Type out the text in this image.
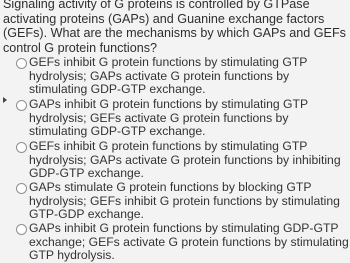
Signaling activity of G proteins is controlled by GTPase activating proteins (GAPs) and Guanine exchange factors (GEFs). What are the mechanisms by which GAPs and GEFs control G protein functions?

GEFs inhibit G protein functions by stimulating GTP hydrolysis; GAPs activate G protein functions by stimulating GDP-GTP exchange.
GAPs inhibit G protein functions by stimulating GTP hydrolysis; GEFs activate G protein functions by stimulating GDP-GTP exchange.
GEFs inhibit G protein functions by stimulating GTP hydrolysis; GAPs activate G protein functions by inhibiting GDP-GTP exchange.
GAPs stimulate G protein functions by blocking GTP hydrolysis; GEFs inhibit G protein functions by stimulating GTP-GDP exchange.
GAPs inhibit G protein functions by stimulating GDP-GTP exchange; GEFs activate G protein functions by stimulating GTP hydrolysis.
